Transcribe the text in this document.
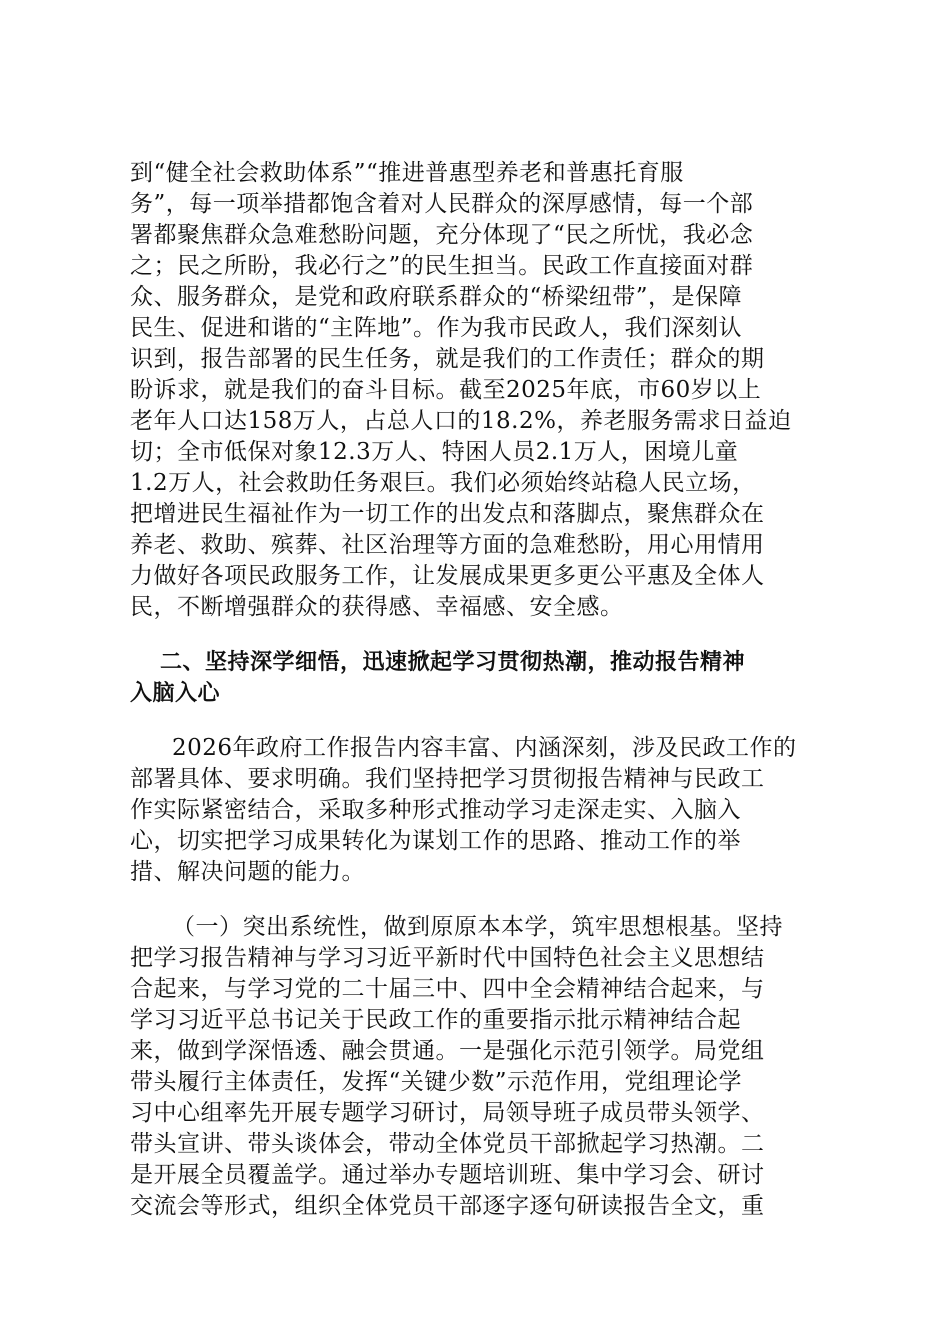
到“健全社会救助体系”“推进普惠型养老和普惠托育服
务”，每一项举措都饱含着对人民群众的深厚感情，每一个部
署都聚焦群众急难愁盼问题，充分体现了“民之所忧，我必念
之；民之所盼，我必行之”的民生担当。民政工作直接面对群
众、服务群众，是党和政府联系群众的“桥梁纽带”，是保障
民生、促进和谐的“主阵地”。作为我市民政人，我们深刻认
识到，报告部署的民生任务，就是我们的工作责任；群众的期
盼诉求，就是我们的奋斗目标。截至2025年底，市60岁以上
老年人口达158万人，占总人口的18.2%，养老服务需求日益迫
切；全市低保对象12.3万人、特困人员2.1万人，困境儿童
1.2万人，社会救助任务艰巨。我们必须始终站稳人民立场，
把增进民生福祉作为一切工作的出发点和落脚点，聚焦群众在
养老、救助、殡葬、社区治理等方面的急难愁盼，用心用情用
力做好各项民政服务工作，让发展成果更多更公平惠及全体人
民，不断增强群众的获得感、幸福感、安全感。
二、坚持深学细悟，迅速掀起学习贯彻热潮，推动报告精神
入脑入心
2026年政府工作报告内容丰富、内涵深刻，涉及民政工作的
部署具体、要求明确。我们坚持把学习贯彻报告精神与民政工
作实际紧密结合，采取多种形式推动学习走深走实、入脑入
心，切实把学习成果转化为谋划工作的思路、推动工作的举
措、解决问题的能力。
（一）突出系统性，做到原原本本学，筑牢思想根基。坚持
把学习报告精神与学习习近平新时代中国特色社会主义思想结
合起来，与学习党的二十届三中、四中全会精神结合起来，与
学习习近平总书记关于民政工作的重要指示批示精神结合起
来，做到学深悟透、融会贯通。一是强化示范引领学。局党组
带头履行主体责任，发挥“关键少数”示范作用，党组理论学
习中心组率先开展专题学习研讨，局领导班子成员带头领学、
带头宣讲、带头谈体会，带动全体党员干部掀起学习热潮。二
是开展全员覆盖学。通过举办专题培训班、集中学习会、研讨
交流会等形式，组织全体党员干部逐字逐句研读报告全文，重
